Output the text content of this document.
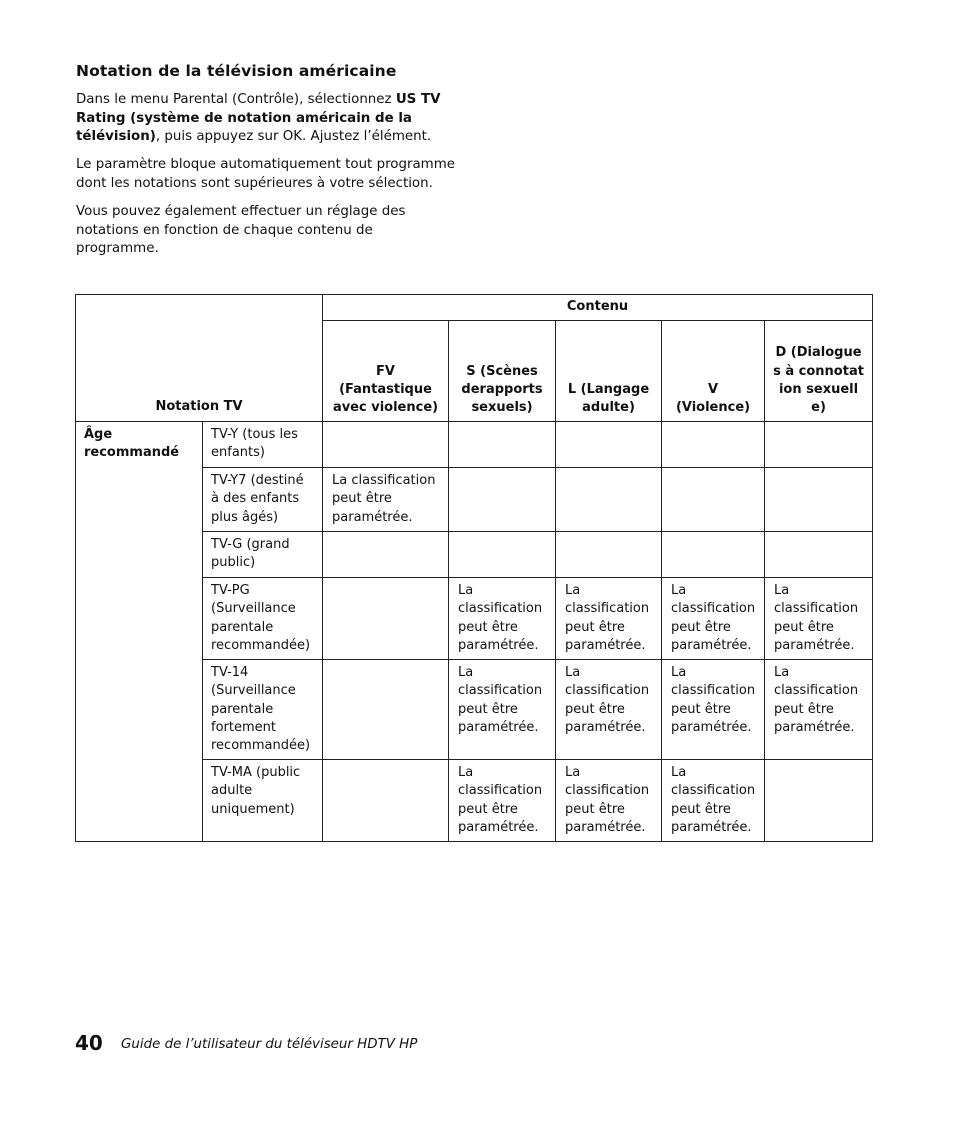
Notation de la télévision américaine

Dans le menu Parental (Contrôle), sélectionnez US TV Rating (système de notation américain de la télévision), puis appuyez sur OK. Ajustez l’élément.

Le paramètre bloque automatiquement tout programme dont les notations sont supérieures à votre sélection.

Vous pouvez également effectuer un réglage des notations en fonction de chaque contenu de programme.

Notation TV		Contenu				
		FV (Fantastique avec violence)	S (Scènes derapports sexuels)	L (Langage adulte)	V (Violence)	D (Dialogues à connotation sexuelle)
Âge recommandé	TV-Y (tous les enfants)					
	TV-Y7 (destiné à des enfants plus âgés)	La classification peut être paramétrée.				
	TV-G (grand public)					
	TV-PG (Surveillance parentale recommandée)		La classification peut être paramétrée.	La classification peut être paramétrée.	La classification peut être paramétrée.	La classification peut être paramétrée.
	TV-14 (Surveillance parentale fortement recommandée)		La classification peut être paramétrée.	La classification peut être paramétrée.	La classification peut être paramétrée.	La classification peut être paramétrée.
	TV-MA (public adulte uniquement)		La classification peut être paramétrée.	La classification peut être paramétrée.	La classification peut être paramétrée.	
40 Guide de l’utilisateur du téléviseur HDTV HP
